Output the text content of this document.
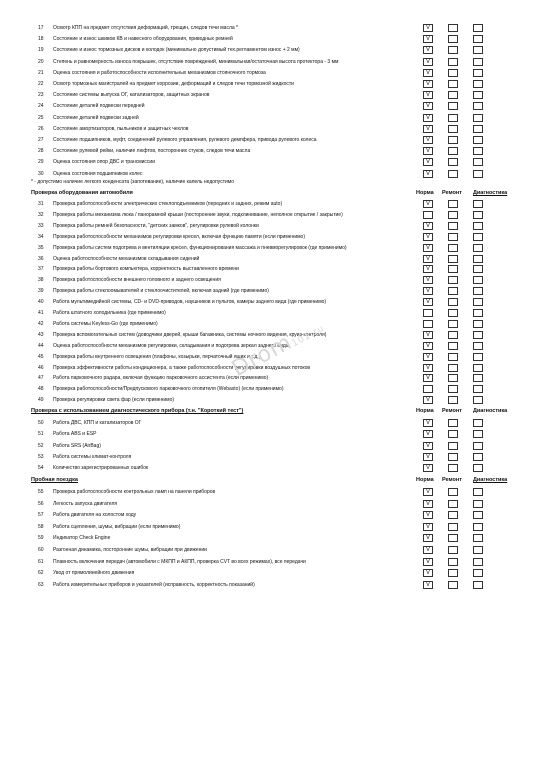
17	Осмотр КПП на предмет отсутствия деформаций, трещин, следов течи масла *	V
18	Состояние и износ шкивов КВ и навесного оборудования, приводных ремней	V
19	Состояние и износ тормозных дисков и колодок (минимально допустимый тех.регламентом износ + 2 мм)	V
20	Степень и равномерность износа покрышек, отсутствие повреждений, минимальная/остаточная высота протектора - 3 мм	V
21	Оценка состояния и работоспособности исполнительных механизмов стояночного тормоза	V
22	Осмотр тормозных магистралей на предмет коррозии, деформаций и следов течи тормозной жидкости	V
23	Состояние системы выпуска ОГ, катализаторов, защитных экранов	V
24	Состояние деталей подвески передней	V
25	Состояние деталей подвески задней	V
26	Состояние амортизаторов, пыльников и защитных чехлов	V
27	Состояние подшипников, муфт, соединений рулевого управления, рулевого демпфера, привода рулевого колеса	V
28	Состояние рулевой рейки, наличие люфтов, посторонних стуков, следов течи масла	V
29	Оценка состояния опор ДВС и трансмиссии	V
30	Оценка состояния подшипников колес	V
* - допустимо наличие легкого конденсата (запотевание), наличие капель недопустимо
Проверка оборудования автомобиля	Норма Ремонт Диагностика
31	Проверка работоспособности электрических стеклоподъемников (передних и задних, режим auto)	V
32	Проверка работы механизма люка / панорамной крыши (посторонние звуки, подклинивание, неполное открытие / закрытие)
33	Проверка работы ремней безопасности, "детских замков", регулировки рулевой колонки	V
34	Проверка работоспособности механизмов регулировки кресел, включая функцию памяти (если применимо)	V
35	Проверка работы систем подогрева и вентиляции кресел, функционирования массажа и пневморегулировок (где применимо)	V
36	Оценка работоспособности механизмов складывания сидений	V
37	Проверка работы бортового компьютера, корректность выставленного времени	V
38	Проверка работоспособности внешнего головного и заднего освещения	V
39	Проверка работы стеклоомывателей и стеклоочистителей, включая задний (где применимо)	V
40	Работа мультимедийной системы, CD- и DVD-приводов, наушников и пультов, камеры заднего вида (где применимо)	V
41	Работа штатного холодильника (где применимо)
42	Работа системы Keyless-Go (где применимо)
43	Проверка вспомогательных систем (доводчики дверей, крыши багажника, системы ночного видения, круиз-контроля)	V
44	Оценка работоспособности механизмов регулировки, складывания и подогрева зеркал заднего вида	V
45	Проверка работы внутреннего освещения (плафоны, козырьки, перчаточный ящик и т.д.)	V
46	Проверка эффективности работы кондиционера, а также работоспособности регулировки воздушных потоков	V
47	Работа парковочного радара, включая функцию парковочного ассистента (если применимо)	V
48	Проверка работоспособности/Предпускового парковочного отопителя (Webasto) (если применимо)
49	Проверка регулировки света фар (если применимо)	V
Проверка с использованием диагностического прибора (т.н. "Короткий тест")	Норма Ремонт Диагностика
50	Работа ДВС, КПП и катализаторов ОГ	V
51	Работа ABS и ESP	V
52	Работа SRS (AirBag)	V
53	Работа системы климат-контроля	V
54	Количество зарегистрированных ошибок	V
Пробная поездка	Норма Ремонт Диагностика
55	Проверка работоспособности контрольных ламп на панели приборов	V
56	Легкость запуска двигателя	V
57	Работа двигателя на холостом ходу	V
58	Работа сцепления, шумы, вибрации (если применимо)	V
59	Индикатор Check Engine	V
60	Разгонная динамика, посторонние шумы, вибрации при движении	V
61	Плавность включения передач (автомобили с МКПП и АКПП, проверка CVT во всех режимах), все передачи	V
62	Увод от прямолинейного движения	V
63	Работа измерительных приборов и указателей (исправность, корректность показаний)	V
Drom101.ru
